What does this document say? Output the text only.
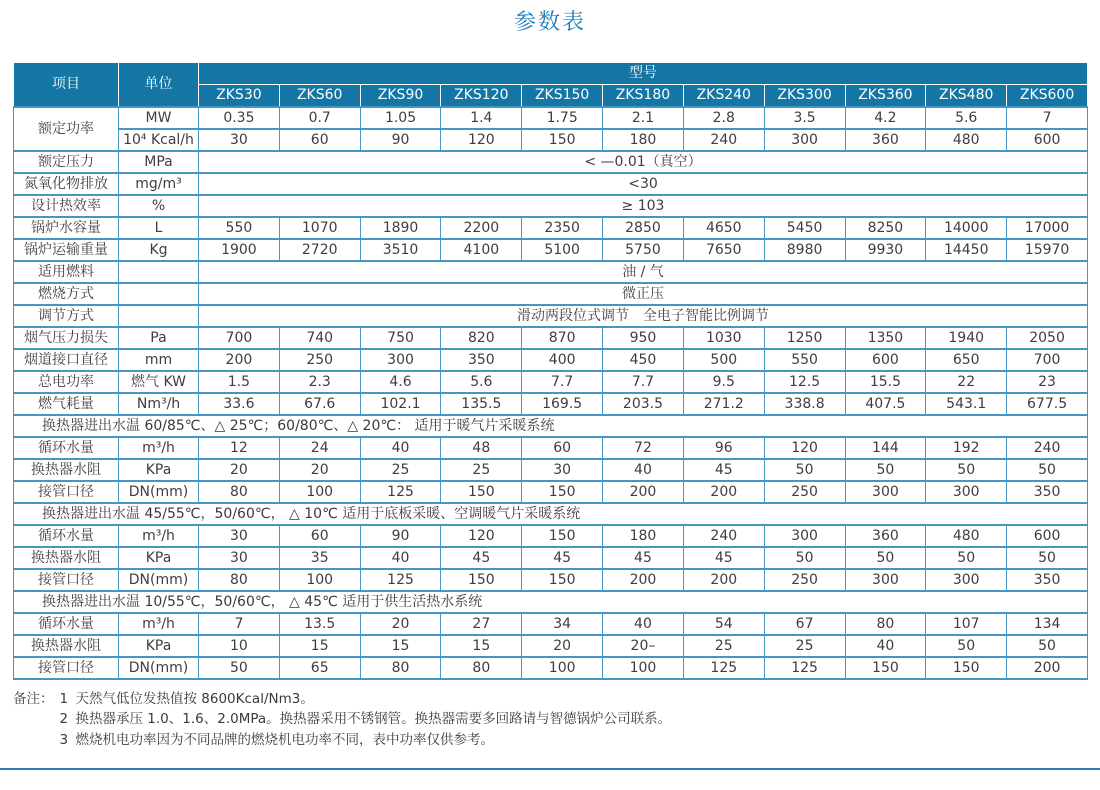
参数表
项目	单位	型号										
		ZKS30	ZKS60	ZKS90	ZKS120	ZKS150	ZKS180	ZKS240	ZKS300	ZKS360	ZKS480	ZKS600
额定功率	MW	0.35	0.7	1.05	1.4	1.75	2.1	2.8	3.5	4.2	5.6	7
	10⁴ Kcal/h	30	60	90	120	150	180	240	300	360	480	600
额定压力	MPa	< —0.01（真空）										
氮氧化物排放	mg/m³	<30										
设计热效率	%	≥ 103										
锅炉水容量	L	550	1070	1890	2200	2350	2850	4650	5450	8250	14000	17000
锅炉运输重量	Kg	1900	2720	3510	4100	5100	5750	7650	8980	9930	14450	15970
适用燃料		油 / 气										
燃烧方式		微正压										
调节方式		滑动两段位式调节　全电子智能比例调节										
烟气压力损失	Pa	700	740	750	820	870	950	1030	1250	1350	1940	2050
烟道接口直径	mm	200	250	300	350	400	450	500	550	600	650	700
总电功率	燃气 KW	1.5	2.3	4.6	5.6	7.7	7.7	9.5	12.5	15.5	22	23
燃气耗量	Nm³/h	33.6	67.6	102.1	135.5	169.5	203.5	271.2	338.8	407.5	543.1	677.5
换热器进出水温 60/85℃、△ 25℃；60/80℃、△ 20℃： 适用于暖气片采暖系统												
循环水量	m³/h	12	24	40	48	60	72	96	120	144	192	240
换热器水阻	KPa	20	20	25	25	30	40	45	50	50	50	50
接管口径	DN(mm)	80	100	125	150	150	200	200	250	300	300	350
换热器进出水温 45/55℃，50/60℃， △ 10℃ 适用于底板采暖、空调暖气片采暖系统												
循环水量	m³/h	30	60	90	120	150	180	240	300	360	480	600
换热器水阻	KPa	30	35	40	45	45	45	45	50	50	50	50
接管口径	DN(mm)	80	100	125	150	150	200	200	250	300	300	350
换热器进出水温 10/55℃，50/60℃， △ 45℃ 适用于供生活热水系统												
循环水量	m³/h	7	13.5	20	27	34	40	54	67	80	107	134
换热器水阻	KPa	10	15	15	15	20	20–	25	25	40	50	50
接管口径	DN(mm)	50	65	80	80	100	100	125	125	150	150	200
备注： 1 天然气低位发热值按 8600Kcal/Nm3。
2 换热器承压 1.0、1.6、2.0MPa。换热器采用不锈钢管。换热器需要多回路请与智德锅炉公司联系。
3 燃烧机电功率因为不同品牌的燃烧机电功率不同，表中功率仅供参考。
